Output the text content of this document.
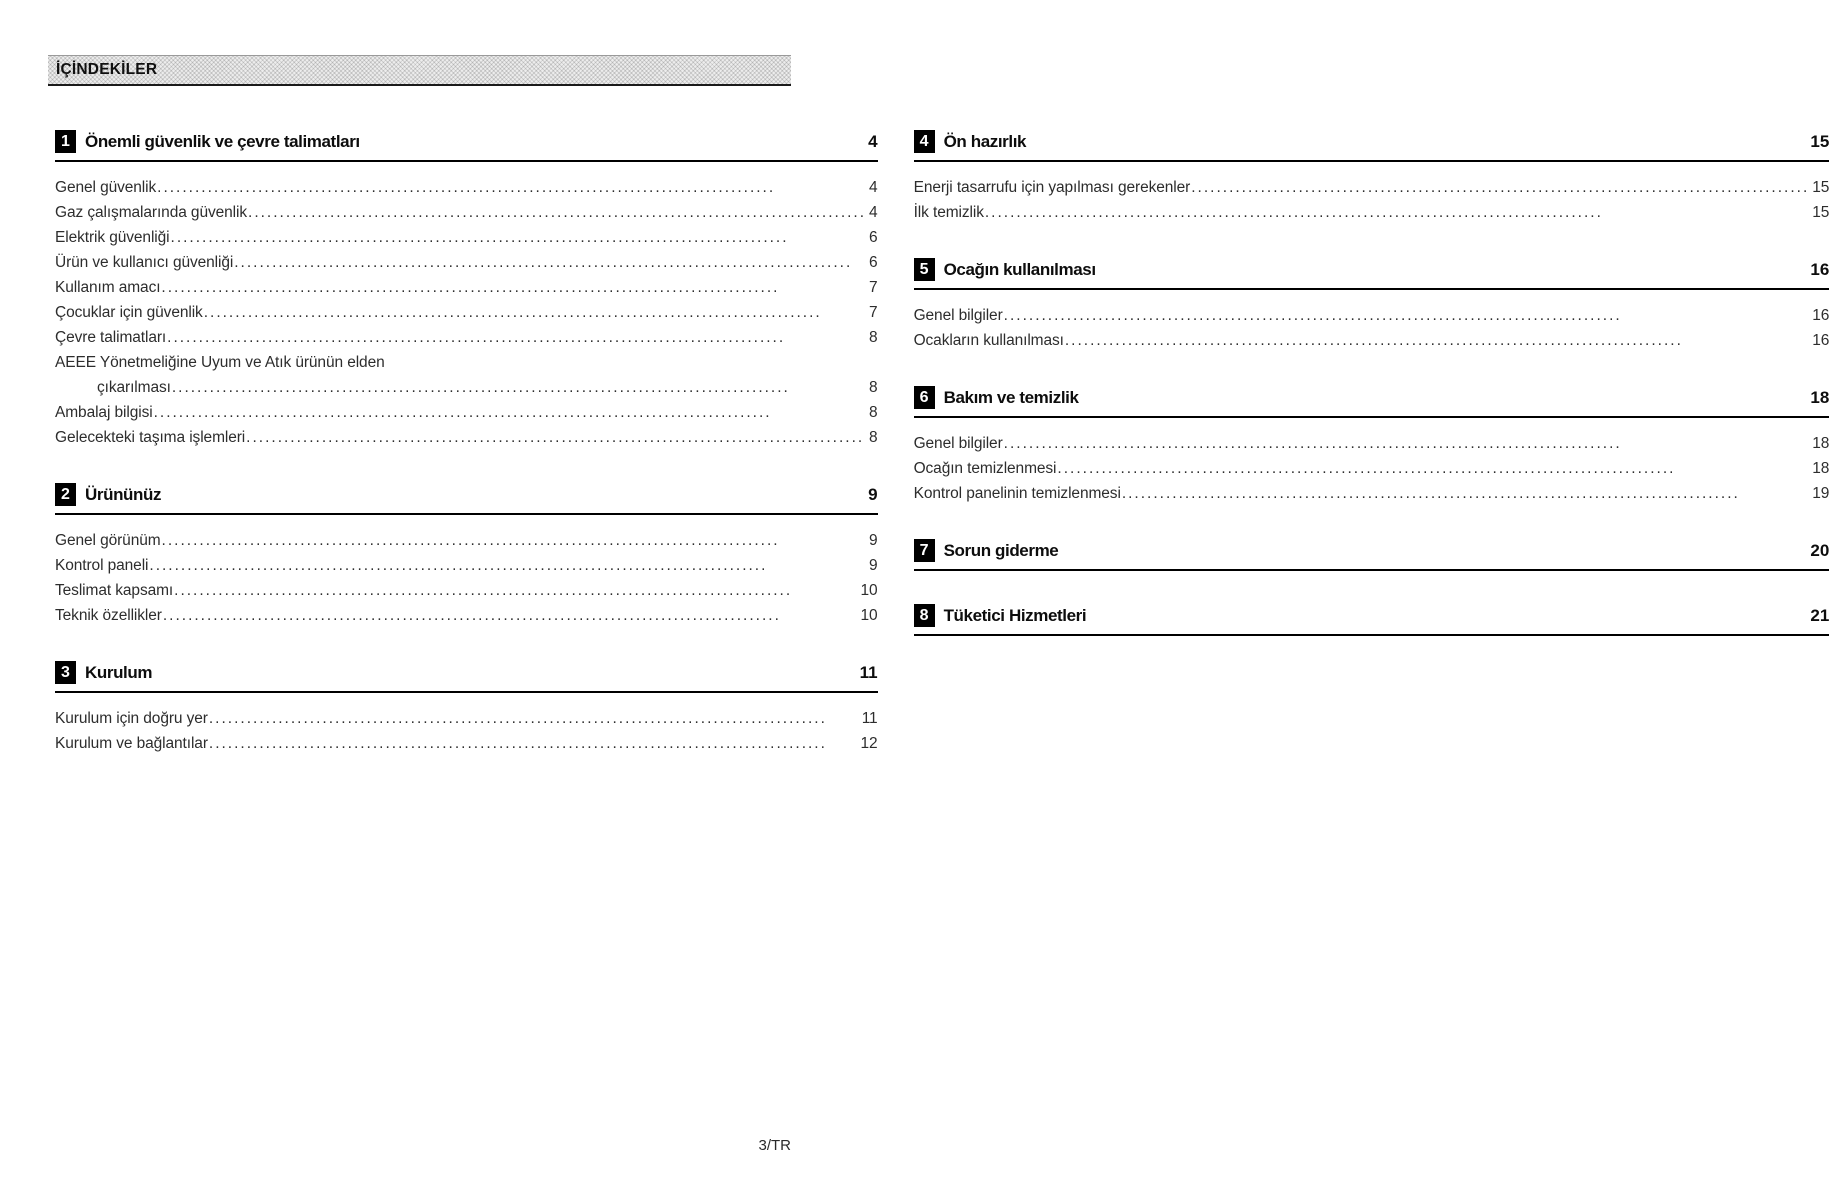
İÇİNDEKİLER
1 Önemli güvenlik ve çevre talimatları	4
Genel güvenlik .....	4
Gaz çalışmalarında güvenlik .....	4
Elektrik güvenliği .....	6
Ürün ve kullanıcı güvenliği .....	6
Kullanım amacı .....	7
Çocuklar için güvenlik .....	7
Çevre talimatları .....	8
AEEE Yönetmeliğine Uyum ve Atık ürünün elden
çıkarılması .....	8
Ambalaj bilgisi .....	8
Gelecekteki taşıma işlemleri .....	8
2 Ürününüz	9
Genel görünüm .....	9
Kontrol paneli .....	9
Teslimat kapsamı .....	10
Teknik özellikler .....	10
3 Kurulum	11
Kurulum için doğru yer .....	11
Kurulum ve bağlantılar .....	12
4 Ön hazırlık	15
Enerji tasarrufu için yapılması gerekenler .....	15
İlk temizlik .....	15
5 Ocağın kullanılması	16
Genel bilgiler .....	16
Ocakların kullanılması .....	16
6 Bakım ve temizlik	18
Genel bilgiler .....	18
Ocağın temizlenmesi .....	18
Kontrol panelinin temizlenmesi .....	19
7 Sorun giderme	20
8 Tüketici Hizmetleri	21
3/TR
